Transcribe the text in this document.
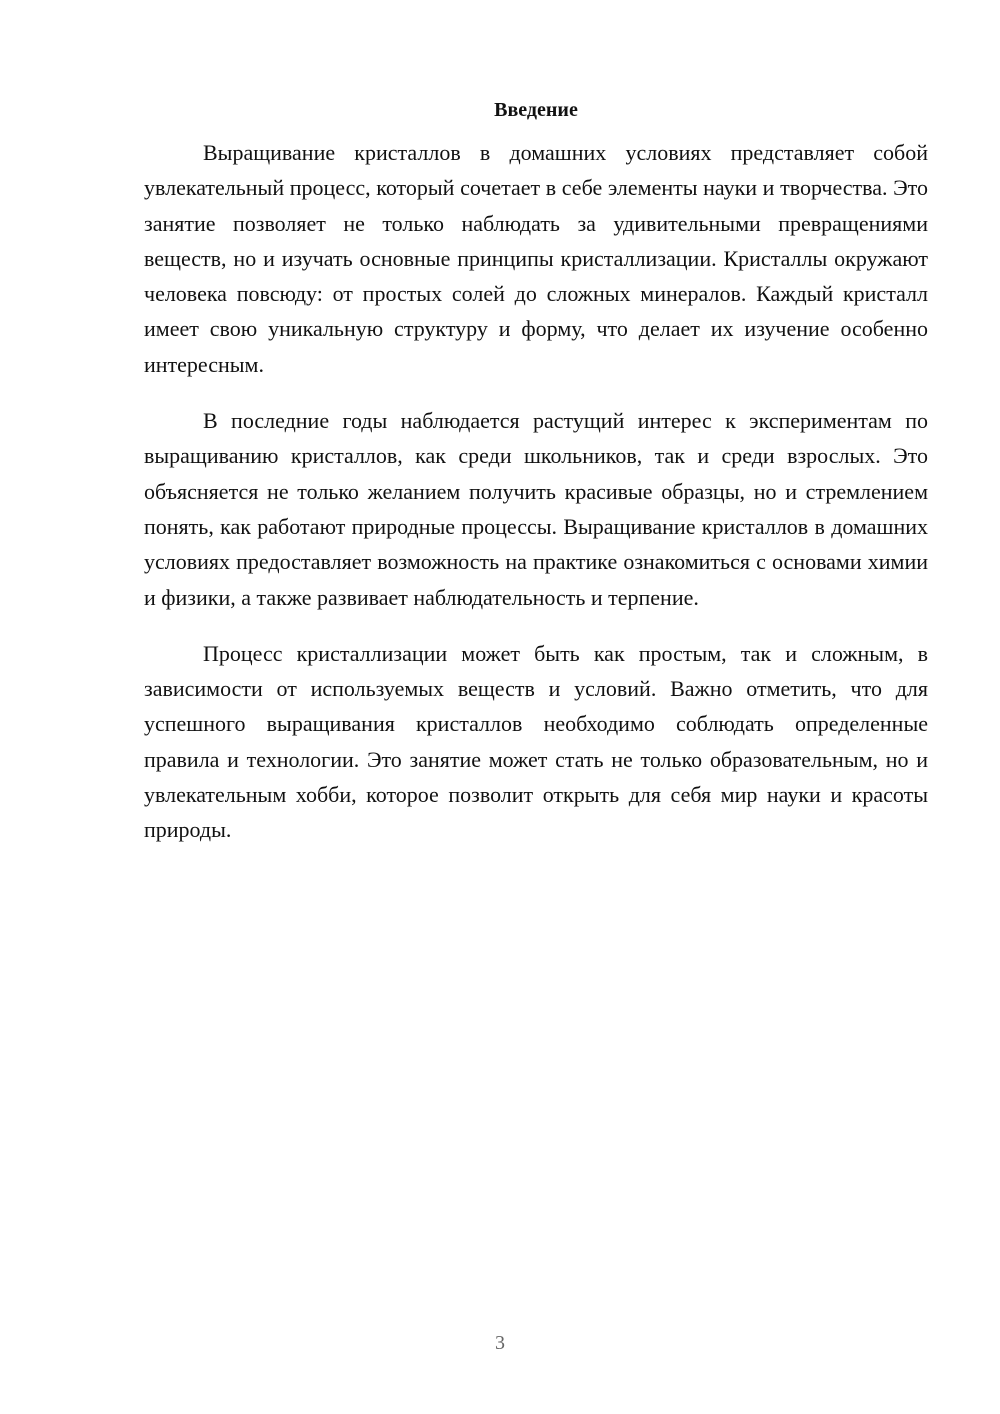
Введение

Выращивание кристаллов в домашних условиях представляет собой увлекательный процесс, который сочетает в себе элементы науки и творчества. Это занятие позволяет не только наблюдать за удивительными превращениями веществ, но и изучать основные принципы кристаллизации. Кристаллы окружают человека повсюду: от простых солей до сложных минералов. Каждый кристалл имеет свою уникальную структуру и форму, что делает их изучение особенно интересным.

В последние годы наблюдается растущий интерес к экспериментам по выращиванию кристаллов, как среди школьников, так и среди взрослых. Это объясняется не только желанием получить красивые образцы, но и стремлением понять, как работают природные процессы. Выращивание кристаллов в домашних условиях предоставляет возможность на практике ознакомиться с основами химии и физики, а также развивает наблюдательность и терпение.

Процесс кристаллизации может быть как простым, так и сложным, в зависимости от используемых веществ и условий. Важно отметить, что для успешного выращивания кристаллов необходимо соблюдать определенные правила и технологии. Это занятие может стать не только образовательным, но и увлекательным хобби, которое позволит открыть для себя мир науки и красоты природы.

3
